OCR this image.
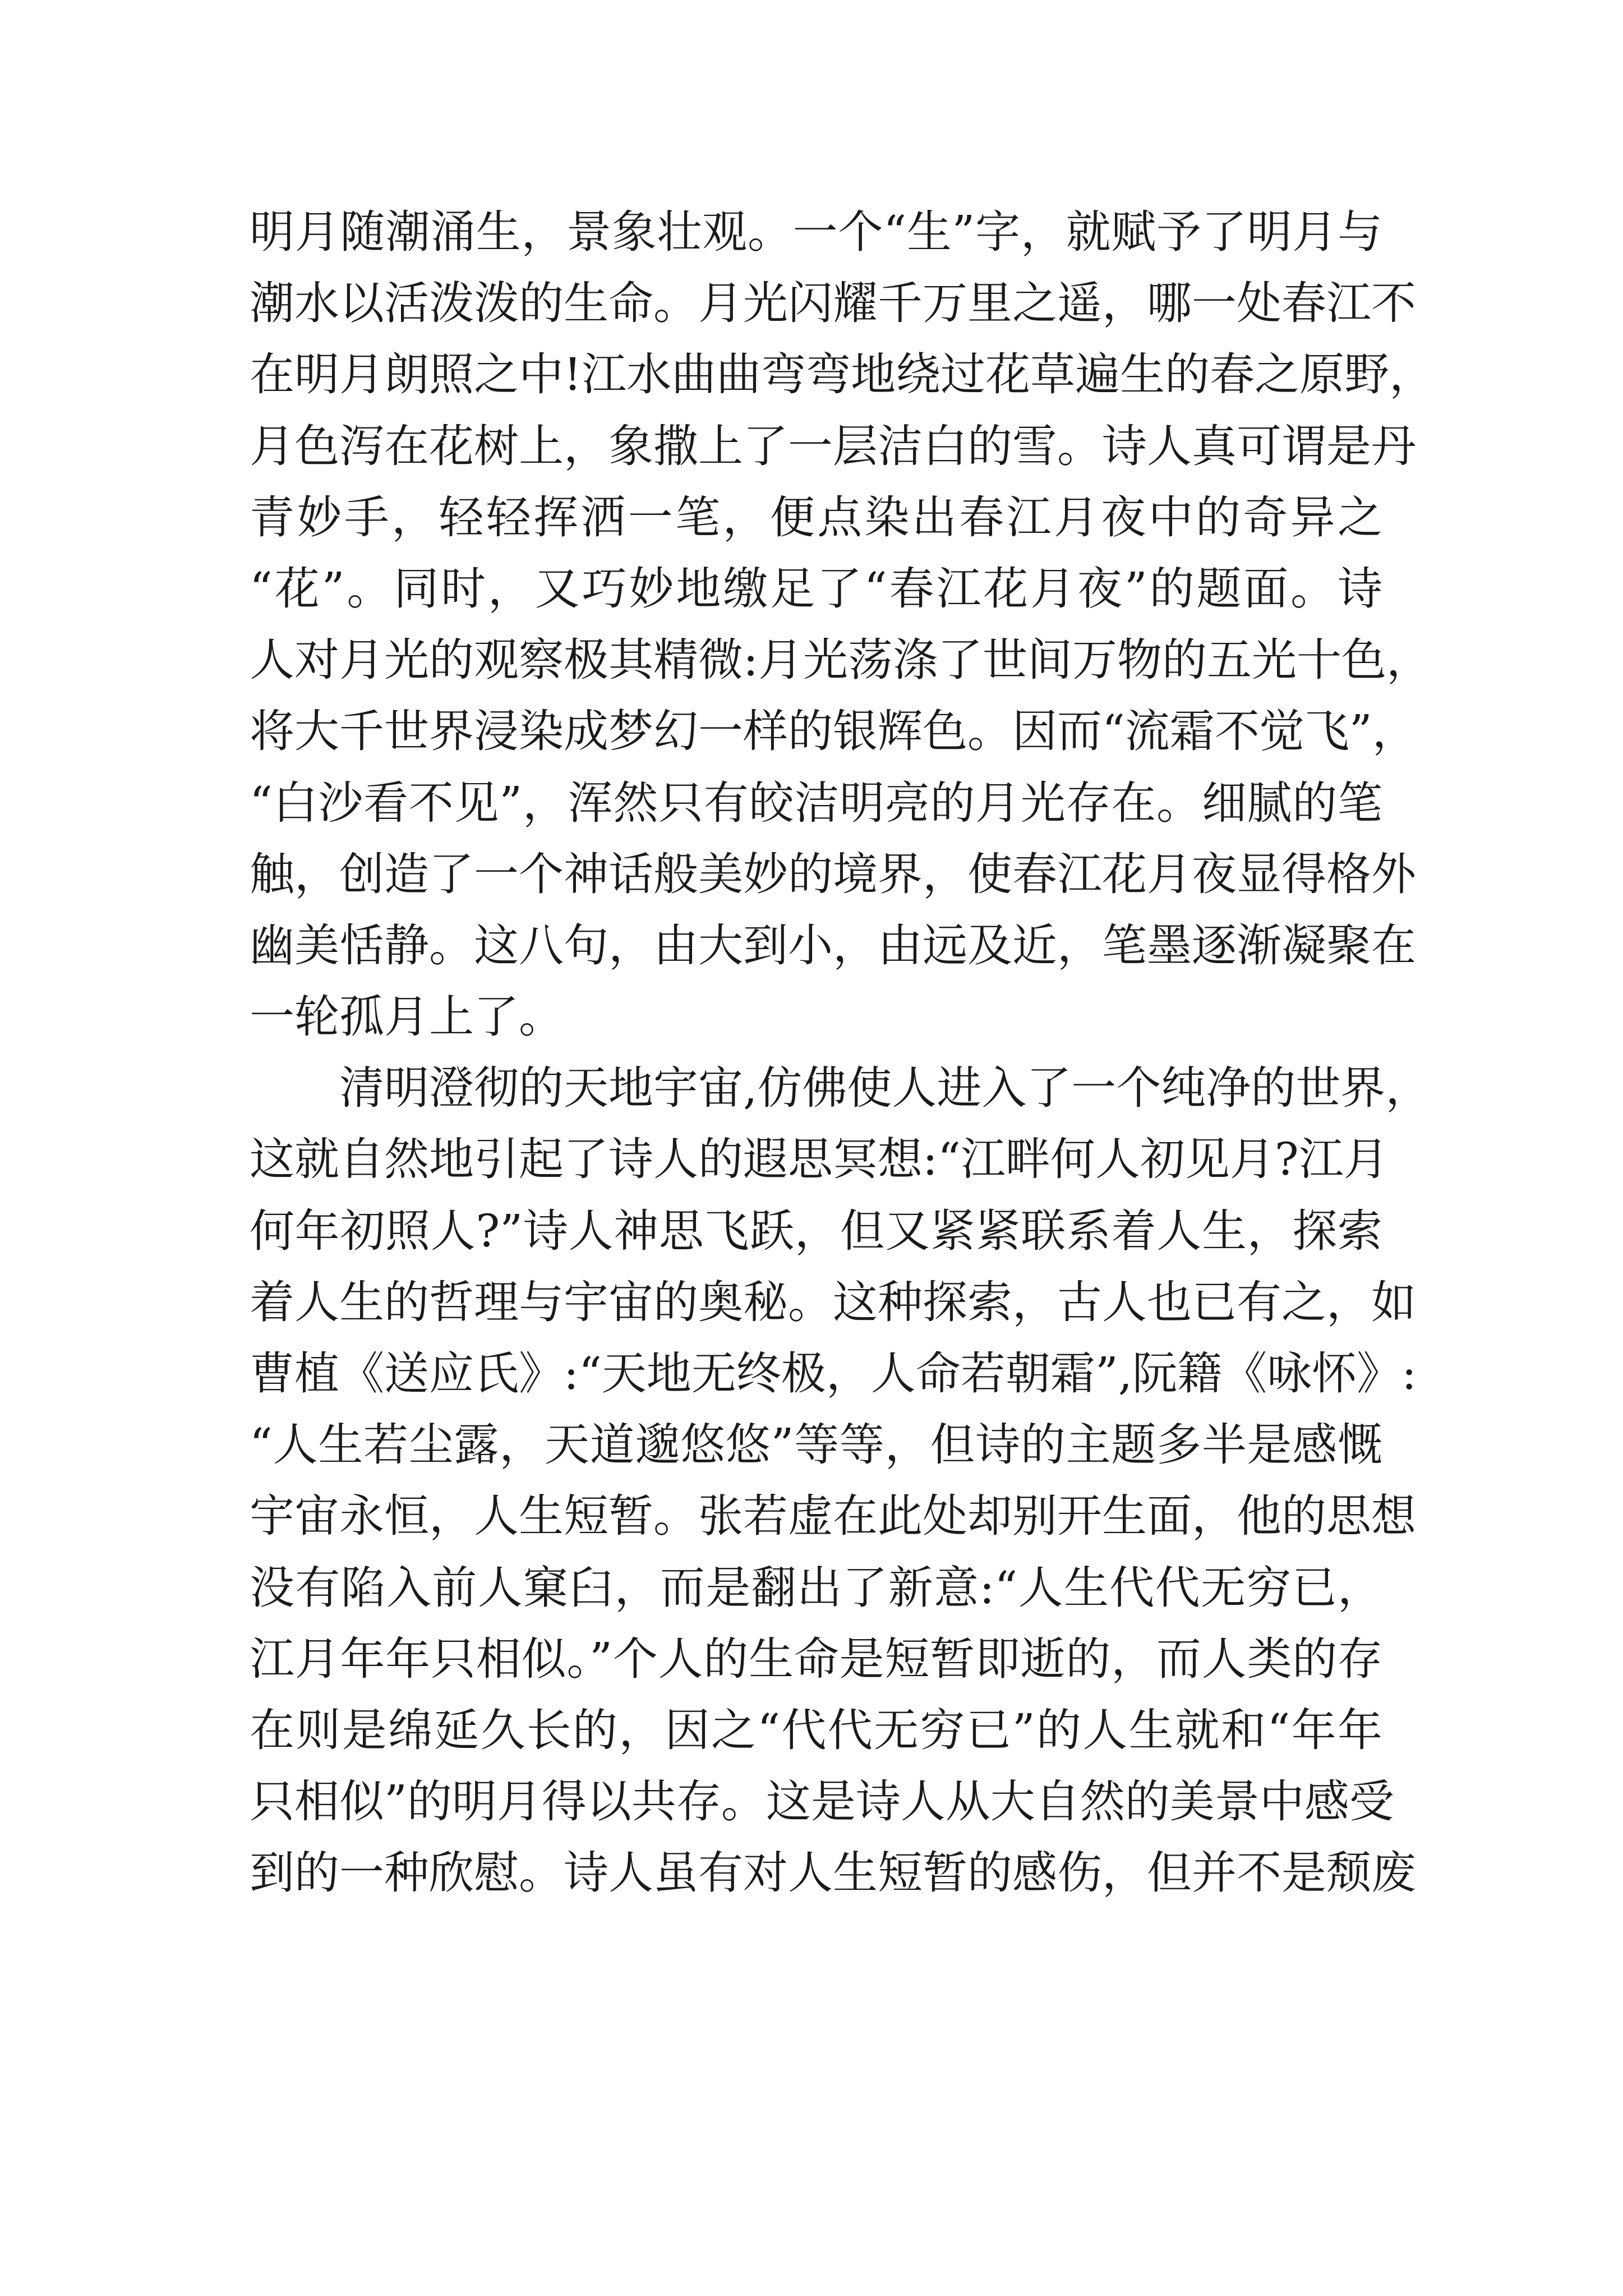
明月随潮涌生，景象壮观。一个“生”字，就赋予了明月与
潮水以活泼泼的生命。月光闪耀千万里之遥，哪一处春江不
在明月朗照之中!江水曲曲弯弯地绕过花草遍生的春之原野，
月色泻在花树上，象撒上了一层洁白的雪。诗人真可谓是丹
青妙手，轻轻挥洒一笔，便点染出春江月夜中的奇异之
“花”。同时，又巧妙地缴足了“春江花月夜”的题面。诗
人对月光的观察极其精微:月光荡涤了世间万物的五光十色，
将大千世界浸染成梦幻一样的银辉色。因而“流霜不觉飞”，
“白沙看不见”，浑然只有皎洁明亮的月光存在。细腻的笔
触，创造了一个神话般美妙的境界，使春江花月夜显得格外
幽美恬静。这八句，由大到小，由远及近，笔墨逐渐凝聚在
一轮孤月上了。
　　清明澄彻的天地宇宙,仿佛使人进入了一个纯净的世界，
这就自然地引起了诗人的遐思冥想:“江畔何人初见月?江月
何年初照人?”诗人神思飞跃，但又紧紧联系着人生，探索
着人生的哲理与宇宙的奥秘。这种探索，古人也已有之，如
曹植《送应氏》:“天地无终极，人命若朝霜”,阮籍《咏怀》:
“人生若尘露，天道邈悠悠”等等，但诗的主题多半是感慨
宇宙永恒，人生短暂。张若虚在此处却别开生面，他的思想
没有陷入前人窠臼，而是翻出了新意:“人生代代无穷已，
江月年年只相似。”个人的生命是短暂即逝的，而人类的存
在则是绵延久长的，因之“代代无穷已”的人生就和“年年
只相似”的明月得以共存。这是诗人从大自然的美景中感受
到的一种欣慰。诗人虽有对人生短暂的感伤，但并不是颓废
